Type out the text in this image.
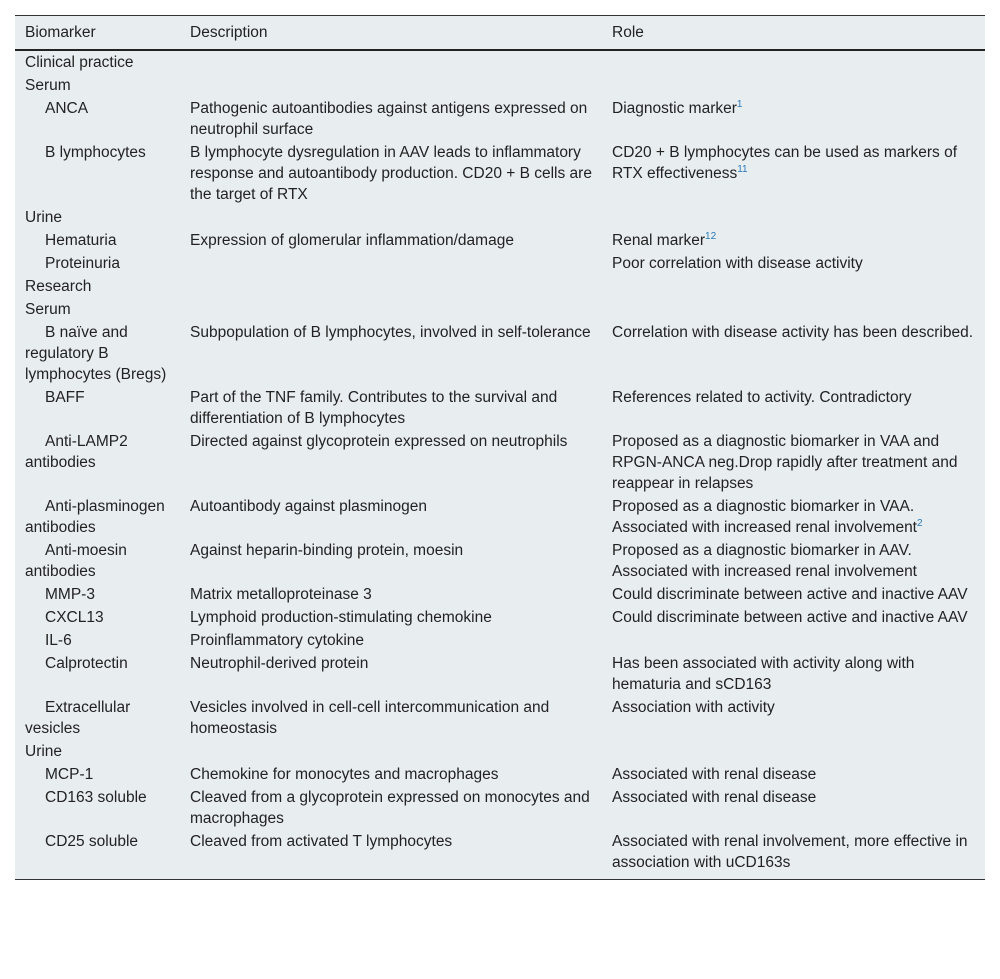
Biomarker	Description	Role
Clinical practice		
Serum		
ANCA	Pathogenic autoantibodies against antigens expressed on neutrophil surface	Diagnostic marker$^1$
B lymphocytes	B lymphocyte dysregulation in AAV leads to inflammatory response and autoantibody production. CD20 + B cells are the target of RTX	CD20 + B lymphocytes can be used as markers of RTX effectiveness$^{11}$
Urine		
Hematuria	Expression of glomerular inflammation/damage	Renal marker$^{12}$
Proteinuria		Poor correlation with disease activity
Research		
Serum		
B naïve and regulatory B lymphocytes (Bregs)	Subpopulation of B lymphocytes, involved in self-tolerance	Correlation with disease activity has been described.
BAFF	Part of the TNF family. Contributes to the survival and differentiation of B lymphocytes	References related to activity. Contradictory
Anti-LAMP2 antibodies	Directed against glycoprotein expressed on neutrophils	Proposed as a diagnostic biomarker in VAA and RPGN-ANCA neg.Drop rapidly after treatment and reappear in relapses
Anti-plasminogen antibodies	Autoantibody against plasminogen	Proposed as a diagnostic biomarker in VAA. Associated with increased renal involvement$^2$
Anti-moesin antibodies	Against heparin-binding protein, moesin	Proposed as a diagnostic biomarker in AAV. Associated with increased renal involvement
MMP-3	Matrix metalloproteinase 3	Could discriminate between active and inactive AAV
CXCL13	Lymphoid production-stimulating chemokine	Could discriminate between active and inactive AAV
IL-6	Proinflammatory cytokine	
Calprotectin	Neutrophil-derived protein	Has been associated with activity along with hematuria and sCD163
Extracellular vesicles	Vesicles involved in cell-cell intercommunication and homeostasis	Association with activity
Urine		
MCP-1	Chemokine for monocytes and macrophages	Associated with renal disease
CD163 soluble	Cleaved from a glycoprotein expressed on monocytes and macrophages	Associated with renal disease
CD25 soluble	Cleaved from activated T lymphocytes	Associated with renal involvement, more effective in association with uCD163s
